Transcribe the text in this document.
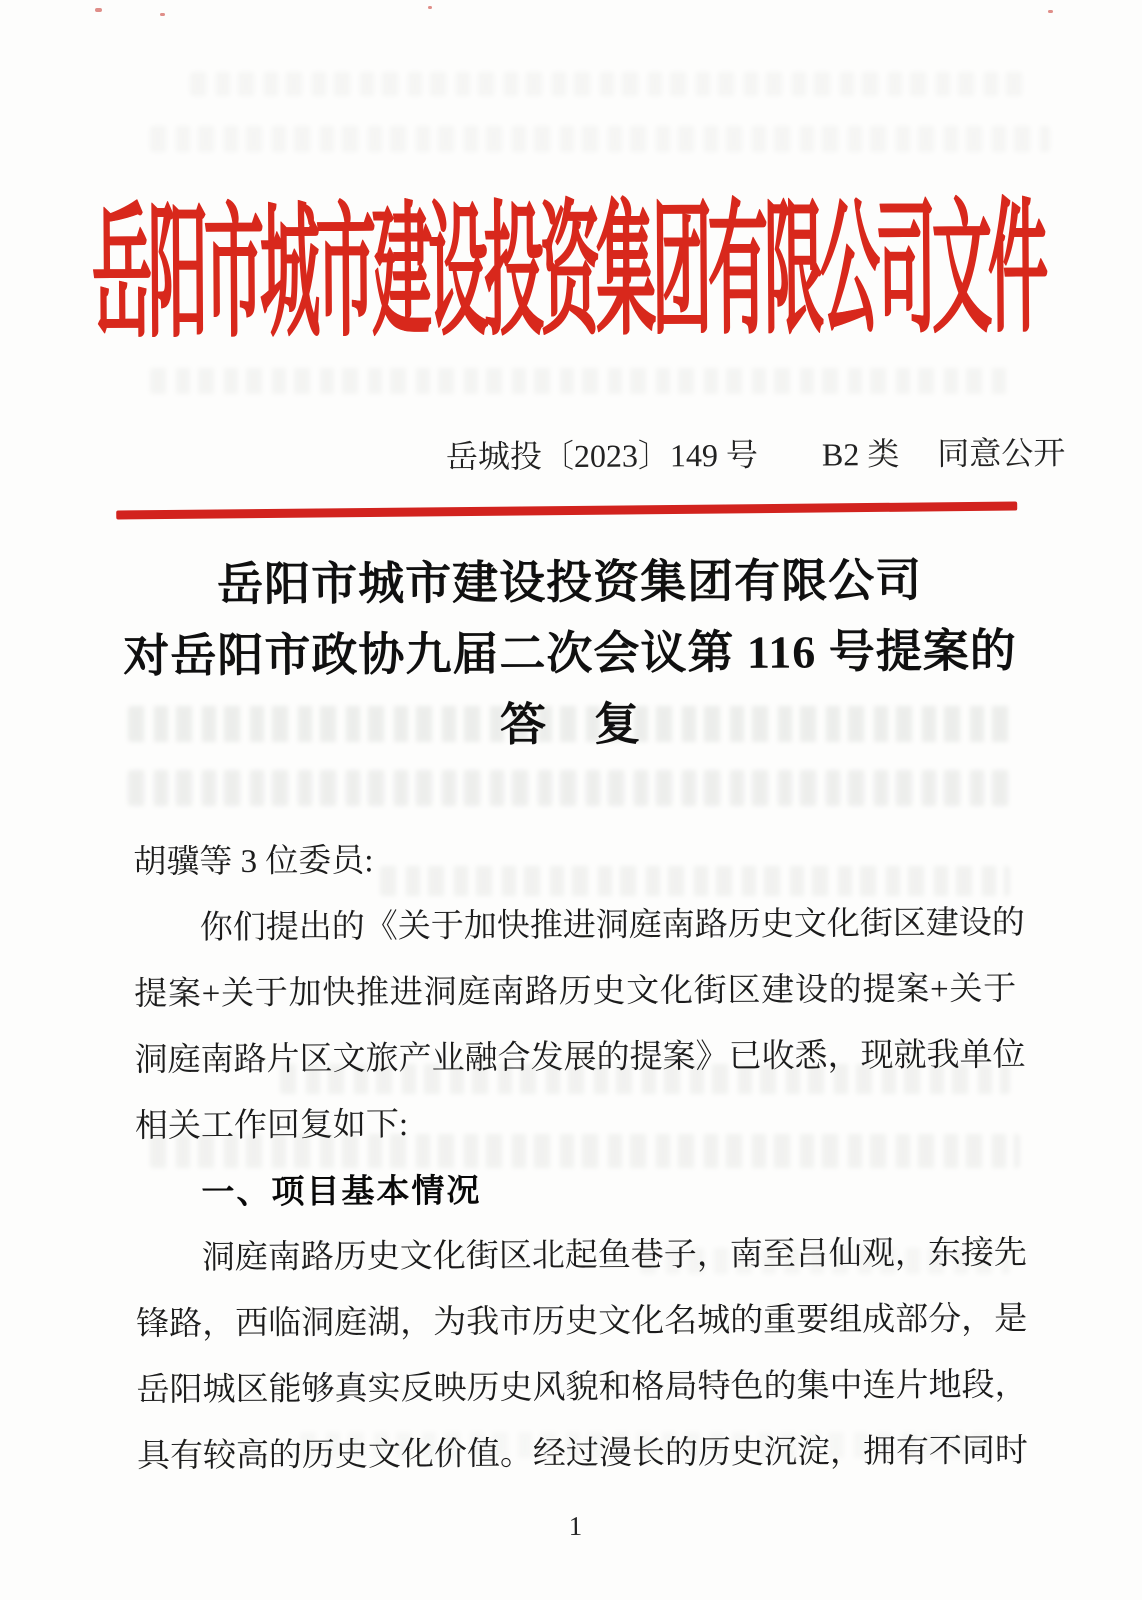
岳阳市城市建设投资集团有限公司文件
岳城投〔2023〕149 号 B2 类 同意公开
岳阳市城市建设投资集团有限公司
对岳阳市政协九届二次会议第 116 号提案的
答　复
胡骥等 3 位委员:
你们提出的《关于加快推进洞庭南路历史文化街区建设的
提案+关于加快推进洞庭南路历史文化街区建设的提案+关于
洞庭南路片区文旅产业融合发展的提案》已收悉，现就我单位
相关工作回复如下:
一、项目基本情况
洞庭南路历史文化街区北起鱼巷子，南至吕仙观，东接先
锋路，西临洞庭湖，为我市历史文化名城的重要组成部分，是
岳阳城区能够真实反映历史风貌和格局特色的集中连片地段，
具有较高的历史文化价值。经过漫长的历史沉淀，拥有不同时
1
